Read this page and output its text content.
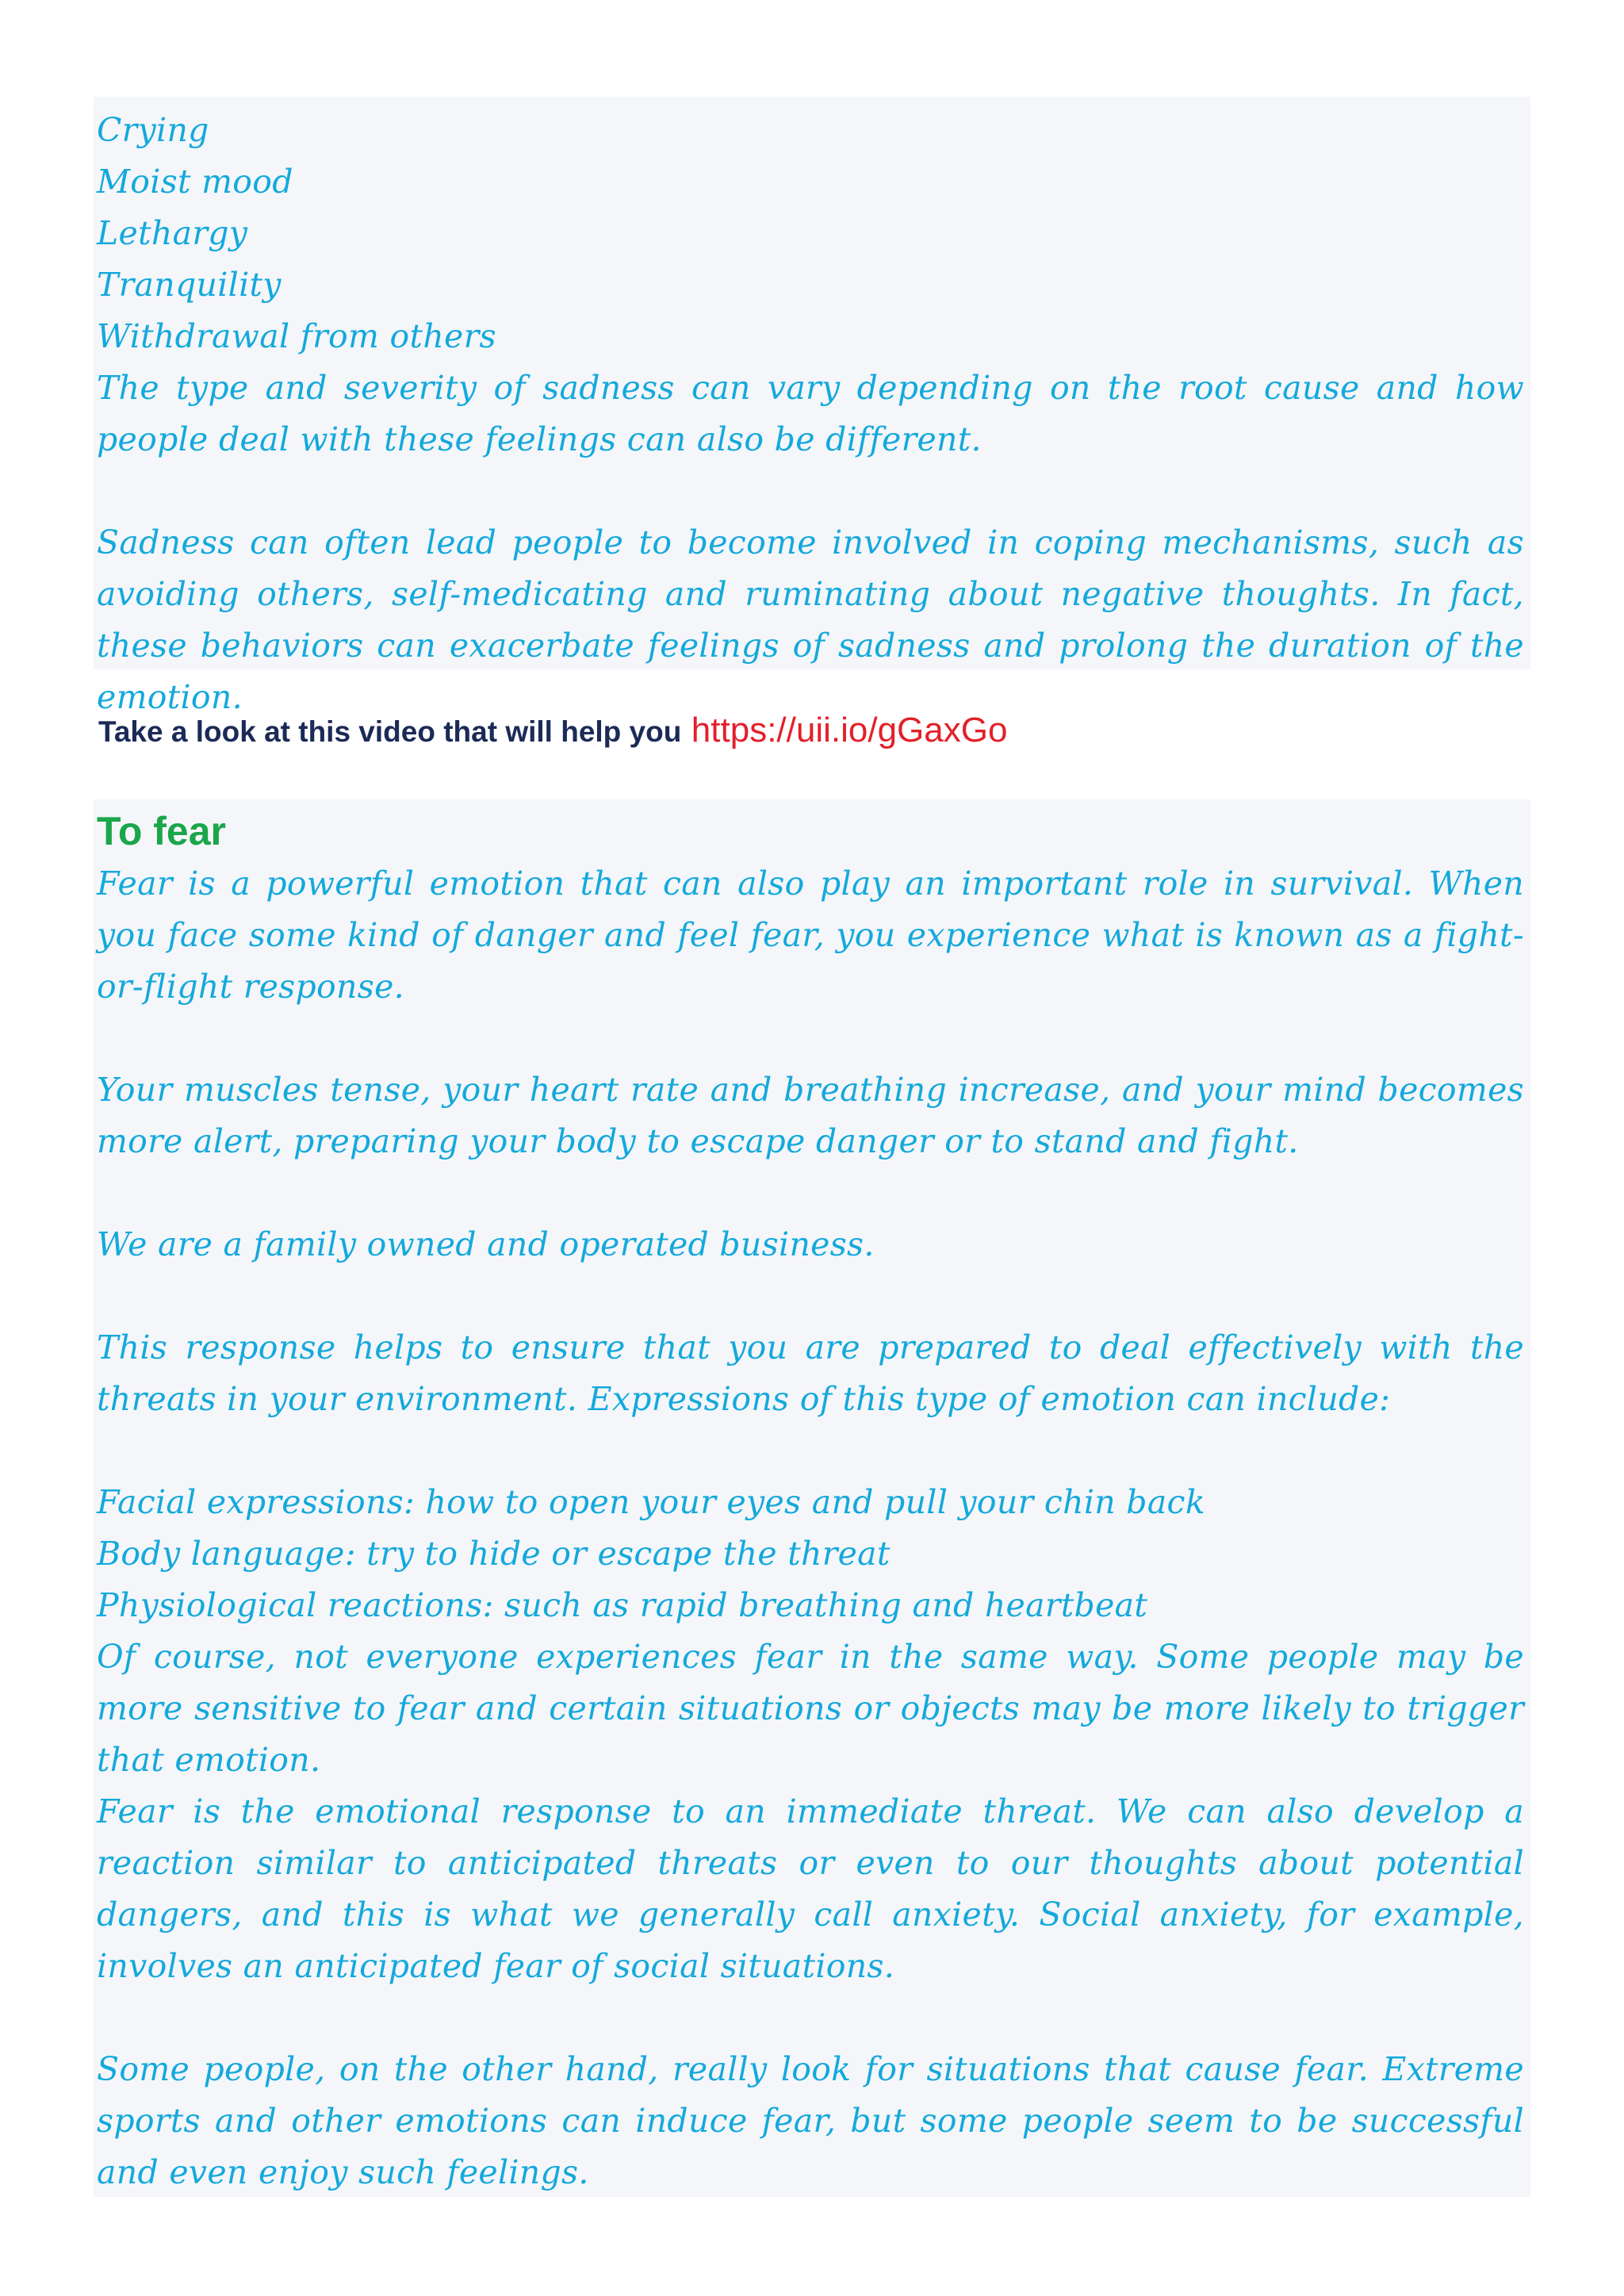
Crying
Moist mood
Lethargy
Tranquility
Withdrawal from others

The type and severity of sadness can vary depending on the root cause and how people deal with these feelings can also be different.

Sadness can often lead people to become involved in coping mechanisms, such as avoiding others, self-medicating and ruminating about negative thoughts. In fact, these behaviors can exacerbate feelings of sadness and prolong the duration of the emotion.

Take a look at this video that will help you https://uii.io/gGaxGo
To fear

Fear is a powerful emotion that can also play an important role in survival. When you face some kind of danger and feel fear, you experience what is known as a fight-or-flight response.

Your muscles tense, your heart rate and breathing increase, and your mind becomes more alert, preparing your body to escape danger or to stand and fight.

We are a family owned and operated business.

This response helps to ensure that you are prepared to deal effectively with the threats in your environment. Expressions of this type of emotion can include:

Facial expressions: how to open your eyes and pull your chin back
Body language: try to hide or escape the threat
Physiological reactions: such as rapid breathing and heartbeat

Of course, not everyone experiences fear in the same way. Some people may be more sensitive to fear and certain situations or objects may be more likely to trigger that emotion.

Fear is the emotional response to an immediate threat. We can also develop a reaction similar to anticipated threats or even to our thoughts about potential dangers, and this is what we generally call anxiety. Social anxiety, for example, involves an anticipated fear of social situations.

Some people, on the other hand, really look for situations that cause fear. Extreme sports and other emotions can induce fear, but some people seem to be successful and even enjoy such feelings.
